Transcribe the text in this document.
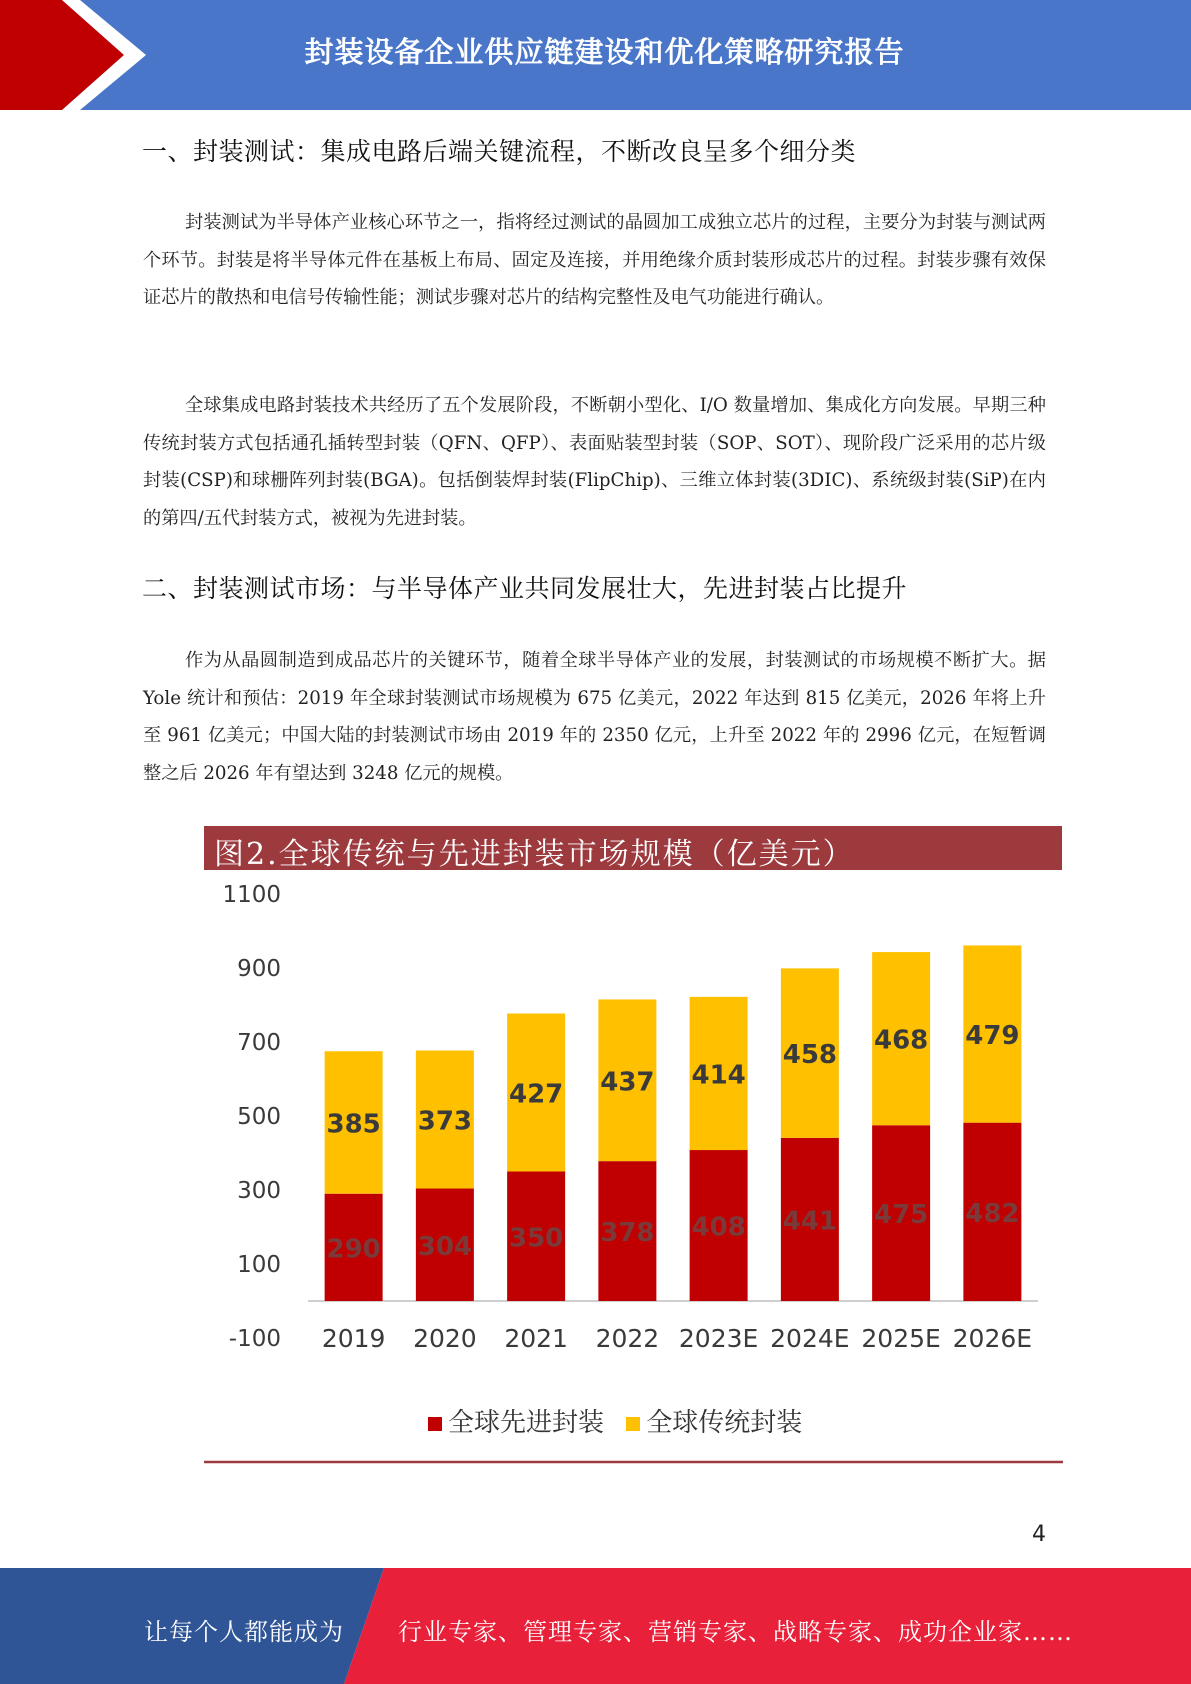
封装设备企业供应链建设和优化策略研究报告
一、封装测试：集成电路后端关键流程，不断改良呈多个细分类
封装测试为半导体产业核心环节之一，指将经过测试的晶圆加工成独立芯片的过程，主要分为封装与测试两个环节。封装是将半导体元件在基板上布局、固定及连接，并用绝缘介质封装形成芯片的过程。封装步骤有效保证芯片的散热和电信号传输性能；测试步骤对芯片的结构完整性及电气功能进行确认。
全球集成电路封装技术共经历了五个发展阶段，不断朝小型化、I/O 数量增加、集成化方向发展。早期三种传统封装方式包括通孔插转型封装（QFN、QFP）、表面贴装型封装（SOP、SOT）、现阶段广泛采用的芯片级封装(CSP)和球栅阵列封装(BGA)。包括倒装焊封装(FlipChip)、三维立体封装(3DIC)、系统级封装(SiP)在内的第四/五代封装方式，被视为先进封装。
二、封装测试市场：与半导体产业共同发展壮大，先进封装占比提升
作为从晶圆制造到成品芯片的关键环节，随着全球半导体产业的发展，封装测试的市场规模不断扩大。据 Yole 统计和预估：2019 年全球封装测试市场规模为 675 亿美元，2022 年达到 815 亿美元，2026 年将上升至 961 亿美元；中国大陆的封装测试市场由 2019 年的 2350 亿元，上升至 2022 年的 2996 亿元，在短暂调整之后 2026 年有望达到 3248 亿元的规模。
1100
900
700
500
300
100
-100
290
385
2019
304
373
2020
350
427
2021
378
437
2022
408
414
2023E
441
458
2024E
475
468
2025E
482
479
2026E
图2.全球传统与先进封装市场规模（亿美元）
全球先进封装 全球传统封装
4
让每个人都能成为 行业专家、管理专家、营销专家、战略专家、成功企业家……
